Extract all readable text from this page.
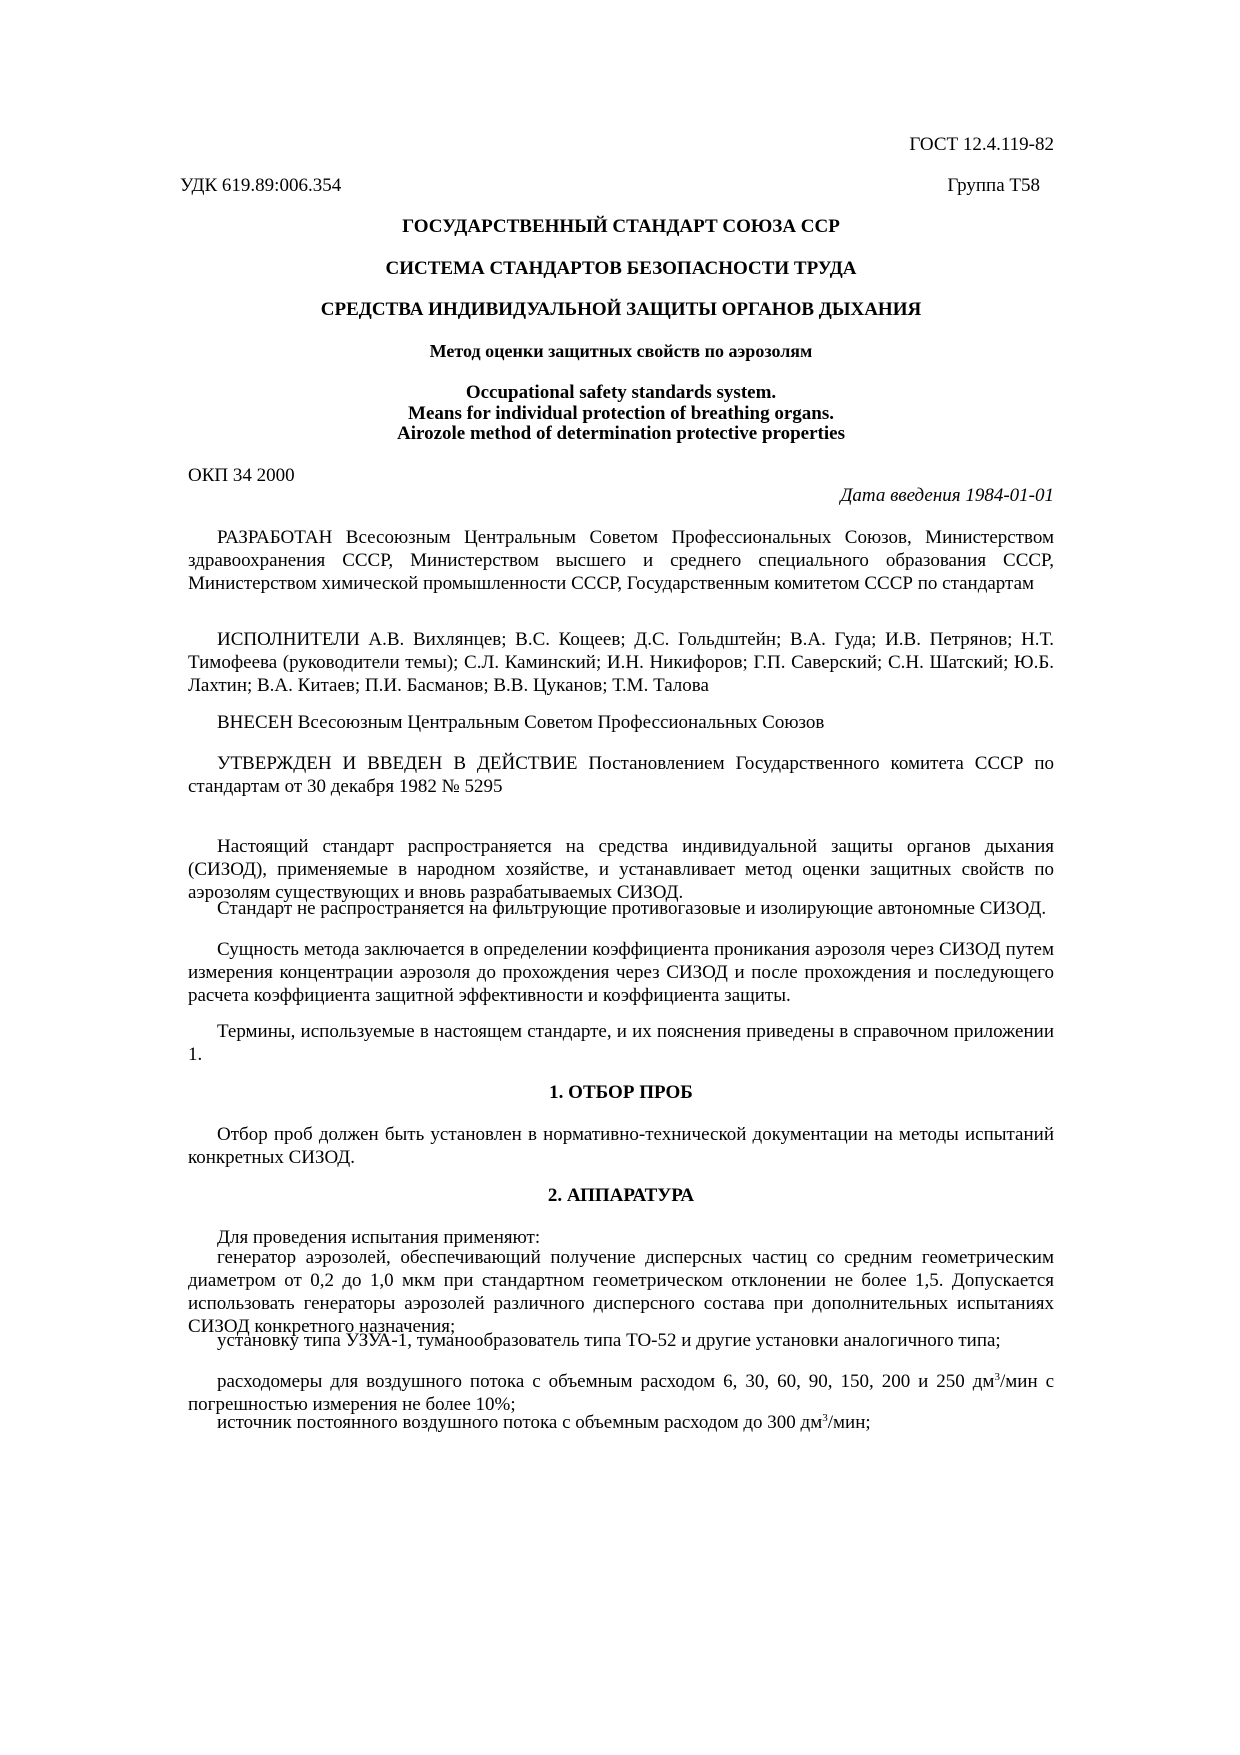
ГОСТ 12.4.119-82
УДК 619.89:006.354	Группа Т58
ГОСУДАРСТВЕННЫЙ СТАНДАРТ СОЮЗА ССР
СИСТЕМА СТАНДАРТОВ БЕЗОПАСНОСТИ ТРУДА
СРЕДСТВА ИНДИВИДУАЛЬНОЙ ЗАЩИТЫ ОРГАНОВ ДЫХАНИЯ
Метод оценки защитных свойств по аэрозолям
Occupational safety standards system.
Means for individual protection of breathing organs.
Airozole method of determination protective properties
ОКП 34 2000
Дата введения 1984-01-01

РАЗРАБОТАН Всесоюзным Центральным Советом Профессиональных Союзов, Министерством здравоохранения СССР, Министерством высшего и среднего специального образования СССР, Министерством химической промышленности СССР, Государственным комитетом СССР по стандартам

ИСПОЛНИТЕЛИ А.В. Вихлянцев; В.С. Кощеев; Д.С. Гольдштейн; В.А. Гуда; И.В. Петрянов; Н.Т. Тимофеева (руководители темы); С.Л. Каминский; И.Н. Никифоров; Г.П. Саверский; С.Н. Шатский; Ю.Б. Лахтин; В.А. Китаев; П.И. Басманов; В.В. Цуканов; Т.М. Талова

ВНЕСЕН Всесоюзным Центральным Советом Профессиональных Союзов

УТВЕРЖДЕН И ВВЕДЕН В ДЕЙСТВИЕ Постановлением Государственного комитета СССР по стандартам от 30 декабря 1982 № 5295

Настоящий стандарт распространяется на средства индивидуальной защиты органов дыхания (СИЗОД), применяемые в народном хозяйстве, и устанавливает метод оценки защитных свойств по аэрозолям существующих и вновь разрабатываемых СИЗОД.

Стандарт не распространяется на фильтрующие противогазовые и изолирующие автономные СИЗОД.

Сущность метода заключается в определении коэффициента проникания аэрозоля через СИЗОД путем измерения концентрации аэрозоля до прохождения через СИЗОД и после прохождения и последующего расчета коэффициента защитной эффективности и коэффициента защиты.

Термины, используемые в настоящем стандарте, и их пояснения приведены в справочном приложении 1.

1. ОТБОР ПРОБ

Отбор проб должен быть установлен в нормативно-технической документации на методы испытаний конкретных СИЗОД.

2. АППАРАТУРА

Для проведения испытания применяют:

генератор аэрозолей, обеспечивающий получение дисперсных частиц со средним геометрическим диаметром от 0,2 до 1,0 мкм при стандартном геометрическом отклонении не более 1,5. Допускается использовать генераторы аэрозолей различного дисперсного состава при дополнительных испытаниях СИЗОД конкретного назначения;

установку типа УЗУА-1, туманообразователь типа ТО-52 и другие установки аналогичного типа;

расходомеры для воздушного потока с объемным расходом 6, 30, 60, 90, 150, 200 и 250 $дм^3$/мин с погрешностью измерения не более 10%;

источник постоянного воздушного потока с объемным расходом до 300 $дм^3$/мин;
